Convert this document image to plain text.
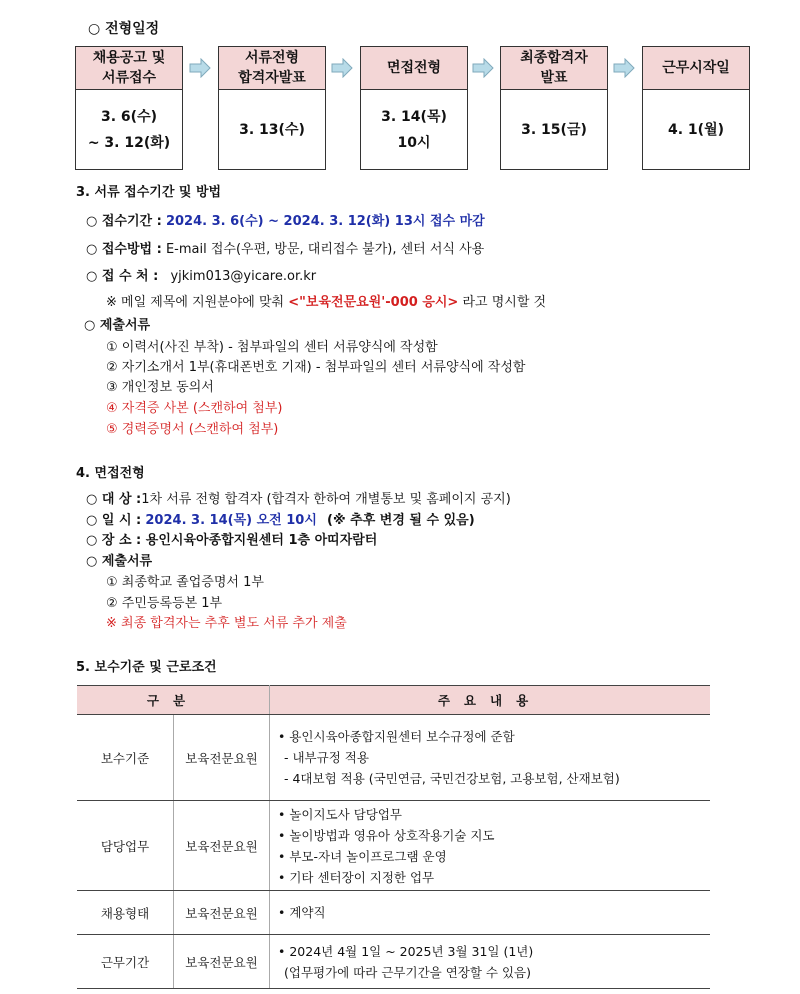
○ 전형일정
채용공고 및
서류접수
3. 6(수)
~ 3. 12(화)
서류전형
합격자발표
3. 13(수)
면접전형
3. 14(목)
10시
최종합격자
발표
3. 15(금)
근무시작일
4. 1(월)
3. 서류 접수기간 및 방법
○ 접수기간 : 2024. 3. 6(수) ~ 2024. 3. 12(화) 13시 접수 마감
○ 접수방법 : E-mail 접수(우편, 방문, 대리접수 불가), 센터 서식 사용
○ 접 수 처 : yjkim013@yicare.or.kr
※ 메일 제목에 지원분야에 맞춰 <"보육전문요원'-000 응시> 라고 명시할 것
○ 제출서류
① 이력서(사진 부착) - 첨부파일의 센터 서류양식에 작성함
② 자기소개서 1부(휴대폰번호 기재) - 첨부파일의 센터 서류양식에 작성함
③ 개인정보 동의서
④ 자격증 사본 (스캔하여 첨부)
⑤ 경력증명서 (스캔하여 첨부)
4. 면접전형
○ 대 상 :1차 서류 전형 합격자 (합격자 한하여 개별통보 및 홈페이지 공지)
○ 일 시 : 2024. 3. 14(목) 오전 10시 (※ 추후 변경 될 수 있음)
○ 장 소 : 용인시육아종합지원센터 1층 아띠자람터
○ 제출서류
① 최종학교 졸업증명서 1부
② 주민등록등본 1부
※ 최종 합격자는 추후 별도 서류 추가 제출
5. 보수기준 및 근로조건
구분		주요내용
보수기준	보육전문요원	• 용인시육아종합지원센터 보수규정에 준함
- 내부규정 적용
- 4대보험 적용 (국민연금, 국민건강보험, 고용보험, 산재보험)

담당업무	보육전문요원	• 놀이지도사 담당업무
• 놀이방법과 영유아 상호작용기술 지도
• 부모-자녀 놀이프로그램 운영
• 기타 센터장이 지정한 업무

채용형태	보육전문요원	• 계약직

근무기간	보육전문요원	• 2024년 4월 1일 ~ 2025년 3월 31일 (1년)
(업무평가에 따라 근무기간을 연장할 수 있음)
